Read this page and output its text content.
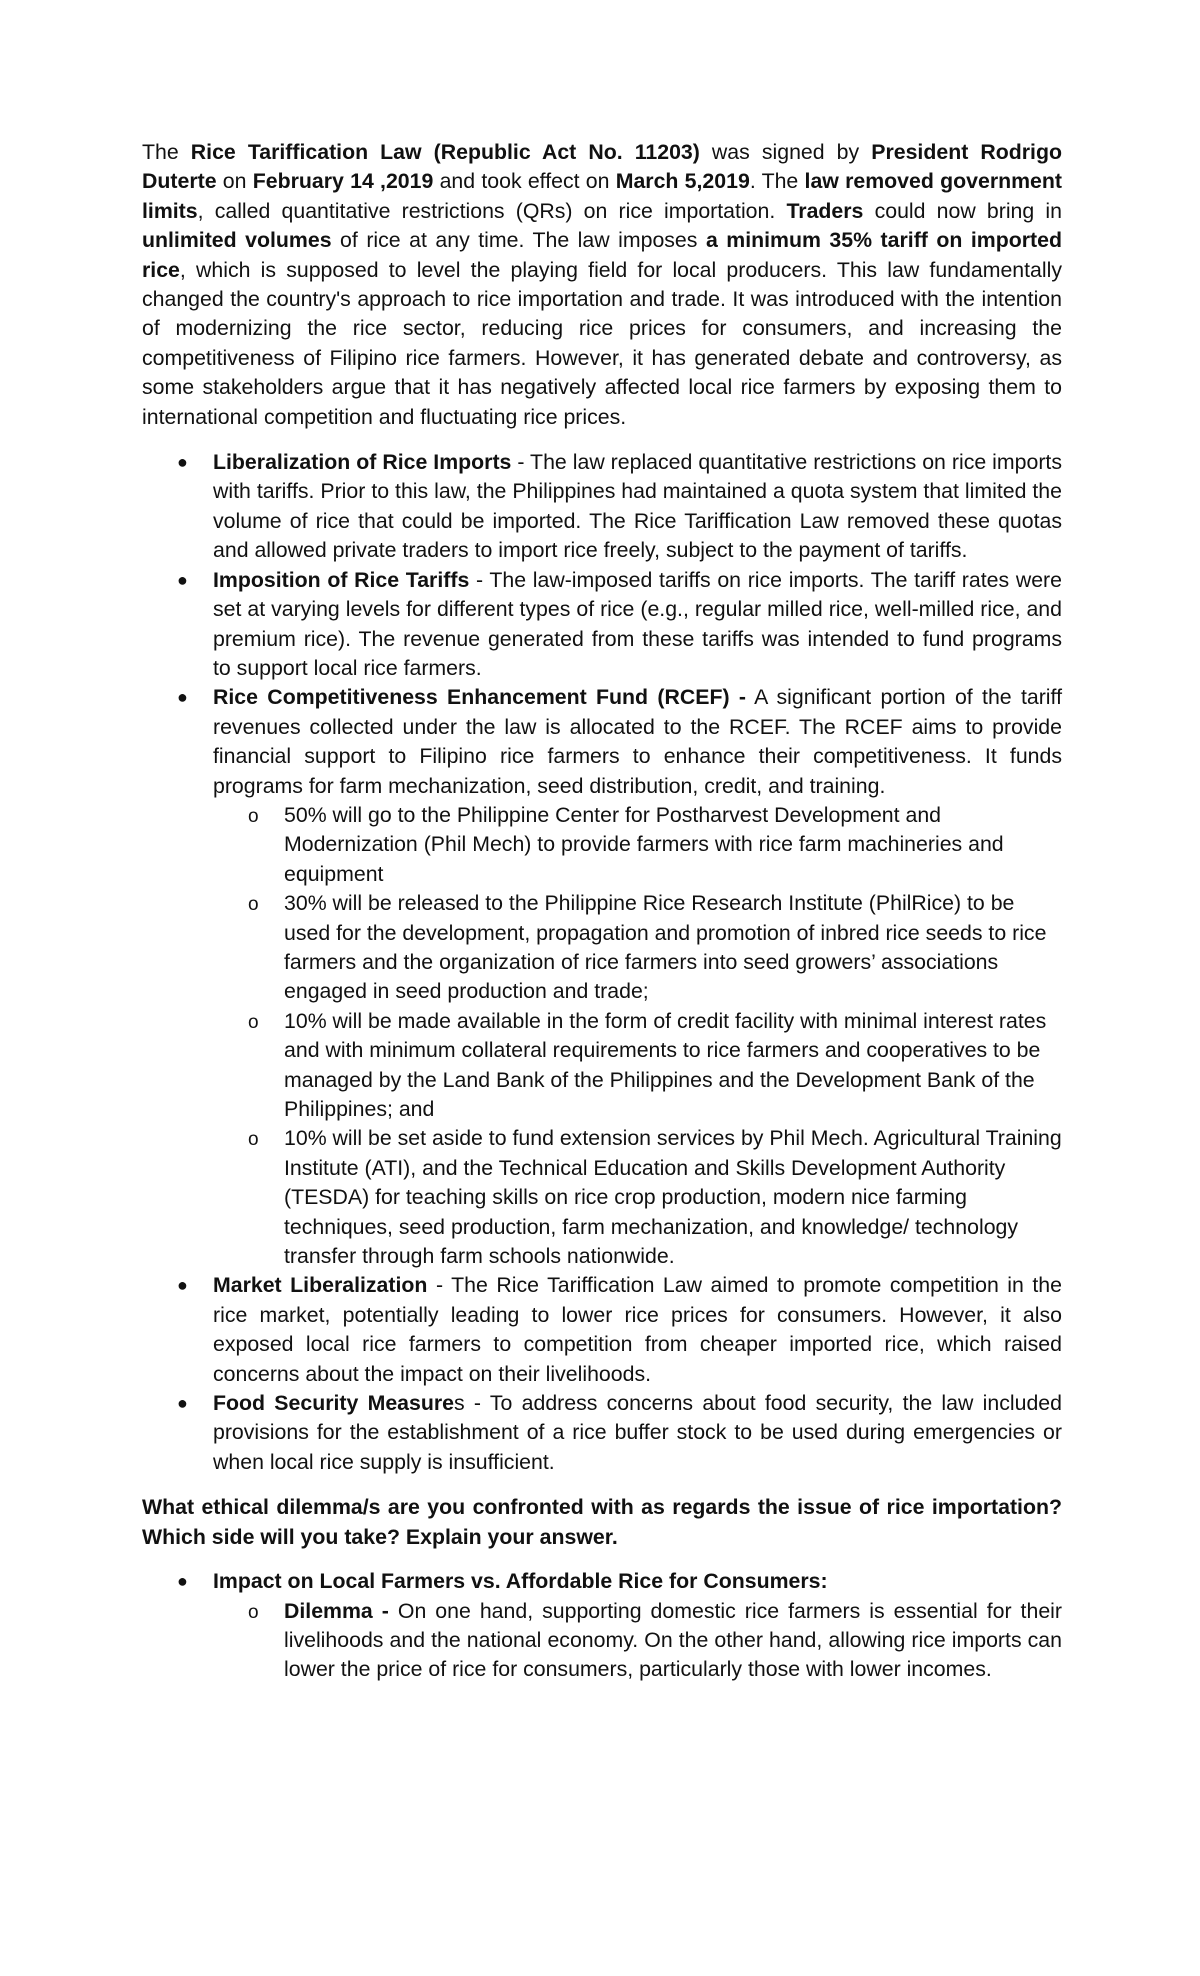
The Rice Tariffication Law (Republic Act No. 11203) was signed by President Rodrigo Duterte on February 14 ,2019 and took effect on March 5,2019. The law removed government limits, called quantitative restrictions (QRs) on rice importation. Traders could now bring in unlimited volumes of rice at any time. The law imposes a minimum 35% tariff on imported rice, which is supposed to level the playing field for local producers. This law fundamentally changed the country's approach to rice importation and trade. It was introduced with the intention of modernizing the rice sector, reducing rice prices for consumers, and increasing the competitiveness of Filipino rice farmers. However, it has generated debate and controversy, as some stakeholders argue that it has negatively affected local rice farmers by exposing them to international competition and fluctuating rice prices.

● Liberalization of Rice Imports - The law replaced quantitative restrictions on rice imports with tariffs. Prior to this law, the Philippines had maintained a quota system that limited the volume of rice that could be imported. The Rice Tariffication Law removed these quotas and allowed private traders to import rice freely, subject to the payment of tariffs.
● Imposition of Rice Tariffs - The law-imposed tariffs on rice imports. The tariff rates were set at varying levels for different types of rice (e.g., regular milled rice, well-milled rice, and premium rice). The revenue generated from these tariffs was intended to fund programs to support local rice farmers.
● Rice Competitiveness Enhancement Fund (RCEF) - A significant portion of the tariff revenues collected under the law is allocated to the RCEF. The RCEF aims to provide financial support to Filipino rice farmers to enhance their competitiveness. It funds programs for farm mechanization, seed distribution, credit, and training.
o 50% will go to the Philippine Center for Postharvest Development and Modernization (Phil Mech) to provide farmers with rice farm machineries and equipment
o 30% will be released to the Philippine Rice Research Institute (PhilRice) to be used for the development, propagation and promotion of inbred rice seeds to rice farmers and the organization of rice farmers into seed growers’ associations engaged in seed production and trade;
o 10% will be made available in the form of credit facility with minimal interest rates and with minimum collateral requirements to rice farmers and cooperatives to be managed by the Land Bank of the Philippines and the Development Bank of the Philippines; and
o 10% will be set aside to fund extension services by Phil Mech. Agricultural Training Institute (ATI), and the Technical Education and Skills Development Authority (TESDA) for teaching skills on rice crop production, modern nice farming techniques, seed production, farm mechanization, and knowledge/ technology transfer through farm schools nationwide.
● Market Liberalization - The Rice Tariffication Law aimed to promote competition in the rice market, potentially leading to lower rice prices for consumers. However, it also exposed local rice farmers to competition from cheaper imported rice, which raised concerns about the impact on their livelihoods.
● Food Security Measures - To address concerns about food security, the law included provisions for the establishment of a rice buffer stock to be used during emergencies or when local rice supply is insufficient.

What ethical dilemma/s are you confronted with as regards the issue of rice importation? Which side will you take? Explain your answer.

● Impact on Local Farmers vs. Affordable Rice for Consumers:
o Dilemma - On one hand, supporting domestic rice farmers is essential for their livelihoods and the national economy. On the other hand, allowing rice imports can lower the price of rice for consumers, particularly those with lower incomes.
